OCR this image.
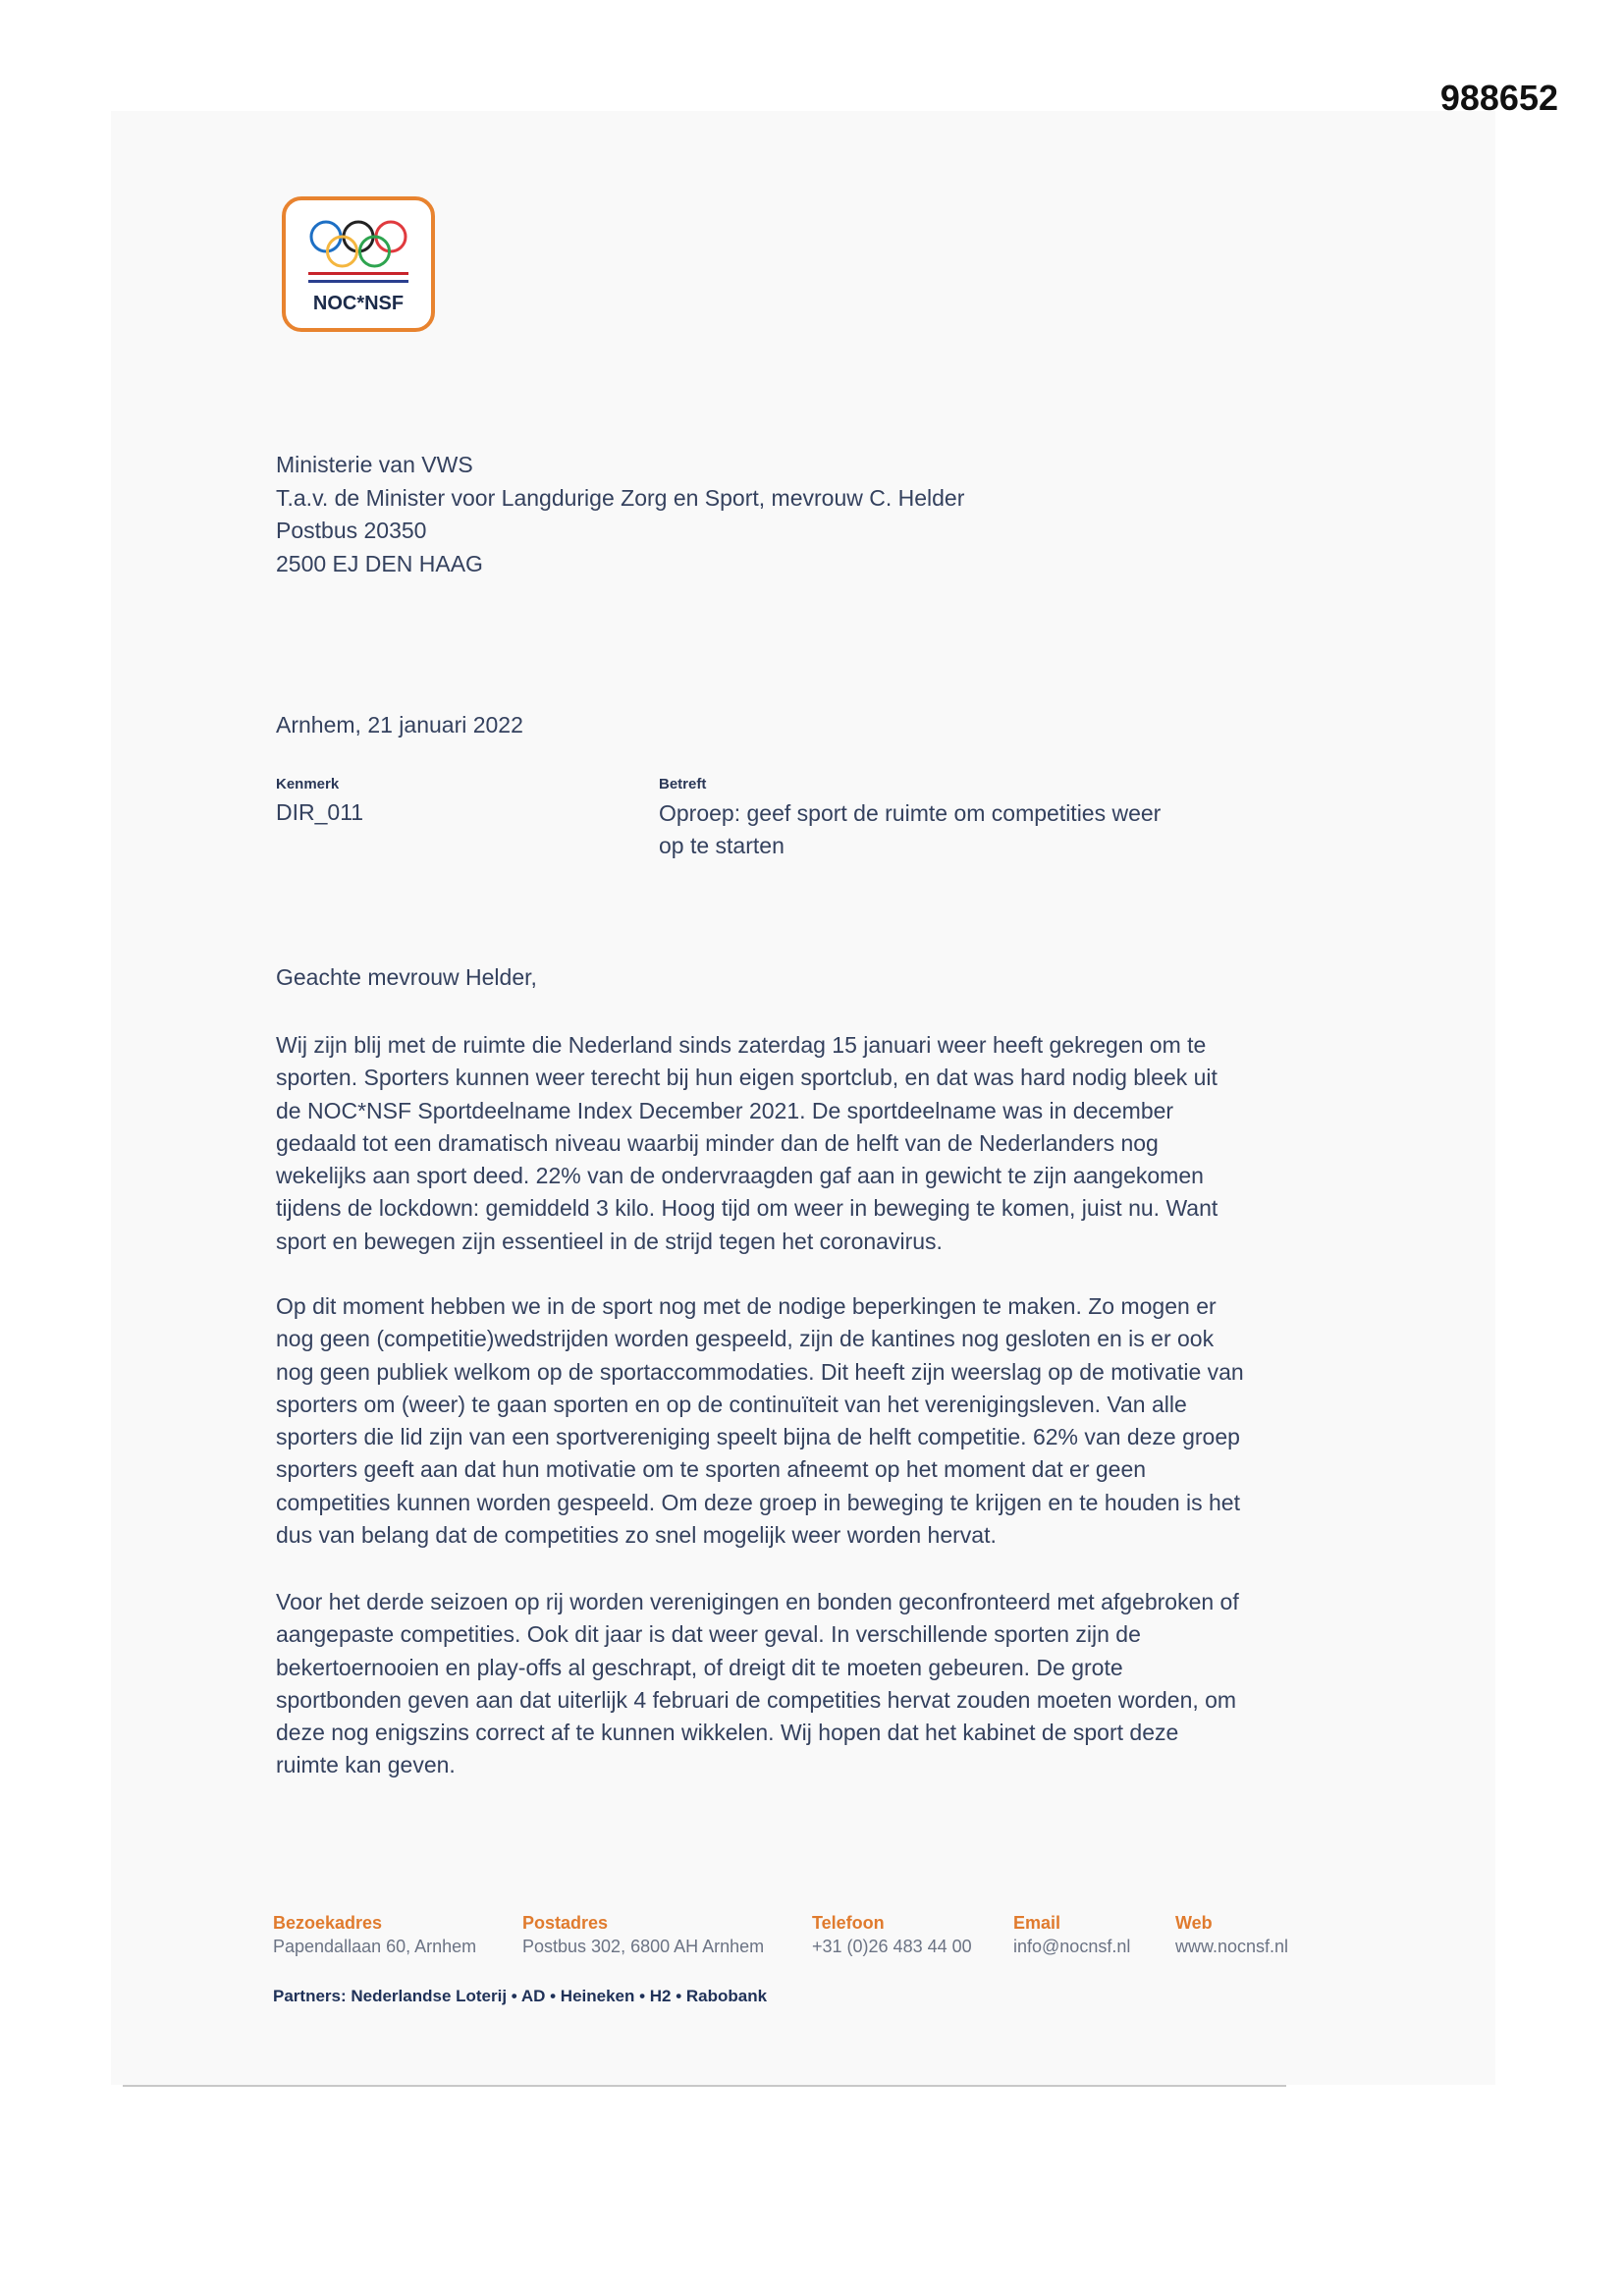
988652
NOC*NSF
Ministerie van VWS
T.a.v. de Minister voor Langdurige Zorg en Sport, mevrouw C. Helder
Postbus 20350
2500 EJ DEN HAAG
Arnhem, 21 januari 2022
Kenmerk
DIR_011
Betreft
Oproep: geef sport de ruimte om competities weer
op te starten
Geachte mevrouw Helder,
Wij zijn blij met de ruimte die Nederland sinds zaterdag 15 januari weer heeft gekregen om te
sporten. Sporters kunnen weer terecht bij hun eigen sportclub, en dat was hard nodig bleek uit
de NOC*NSF Sportdeelname Index December 2021. De sportdeelname was in december
gedaald tot een dramatisch niveau waarbij minder dan de helft van de Nederlanders nog
wekelijks aan sport deed. 22% van de ondervraagden gaf aan in gewicht te zijn aangekomen
tijdens de lockdown: gemiddeld 3 kilo. Hoog tijd om weer in beweging te komen, juist nu. Want
sport en bewegen zijn essentieel in de strijd tegen het coronavirus.
Op dit moment hebben we in de sport nog met de nodige beperkingen te maken. Zo mogen er
nog geen (competitie)wedstrijden worden gespeeld, zijn de kantines nog gesloten en is er ook
nog geen publiek welkom op de sportaccommodaties. Dit heeft zijn weerslag op de motivatie van
sporters om (weer) te gaan sporten en op de continuïteit van het verenigingsleven. Van alle
sporters die lid zijn van een sportvereniging speelt bijna de helft competitie. 62% van deze groep
sporters geeft aan dat hun motivatie om te sporten afneemt op het moment dat er geen
competities kunnen worden gespeeld. Om deze groep in beweging te krijgen en te houden is het
dus van belang dat de competities zo snel mogelijk weer worden hervat.
Voor het derde seizoen op rij worden verenigingen en bonden geconfronteerd met afgebroken of
aangepaste competities. Ook dit jaar is dat weer geval. In verschillende sporten zijn de
bekertoernooien en play-offs al geschrapt, of dreigt dit te moeten gebeuren. De grote
sportbonden geven aan dat uiterlijk 4 februari de competities hervat zouden moeten worden, om
deze nog enigszins correct af te kunnen wikkelen. Wij hopen dat het kabinet de sport deze
ruimte kan geven.
Bezoekadres
Papendallaan 60, Arnhem
Postadres
Postbus 302, 6800 AH Arnhem
Telefoon
+31 (0)26 483 44 00
Email
info@nocnsf.nl
Web
www.nocnsf.nl
Partners: Nederlandse Loterij • AD • Heineken • H2 • Rabobank
